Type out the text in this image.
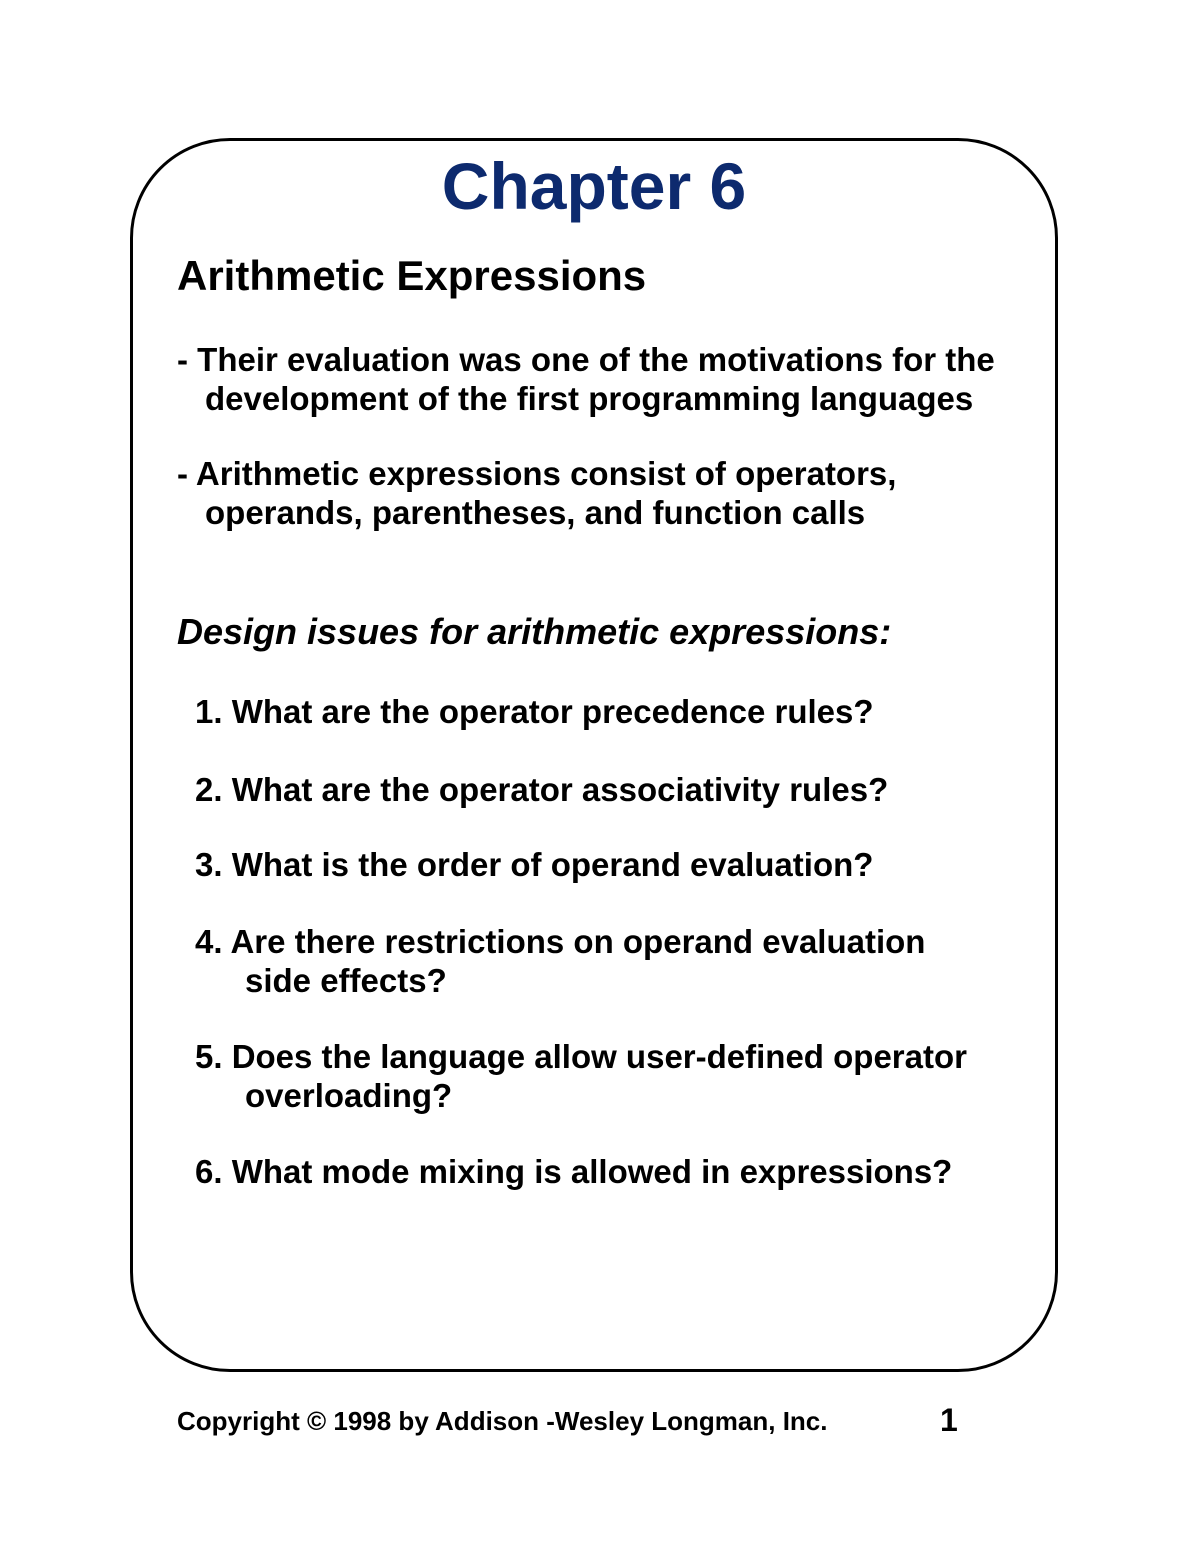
Chapter 6
Arithmetic Expressions

- Their evaluation was one of the motivations for the
development of the first programming languages

- Arithmetic expressions consist of operators,
operands, parentheses, and function calls

Design issues for arithmetic expressions:

1. What are the operator precedence rules?

2. What are the operator associativity rules?

3. What is the order of operand evaluation?

4. Are there restrictions on operand evaluation
side effects?

5. Does the language allow user-defined operator
overloading?

6. What mode mixing is allowed in expressions?

Copyright © 1998 by Addison -Wesley Longman, Inc.	1
